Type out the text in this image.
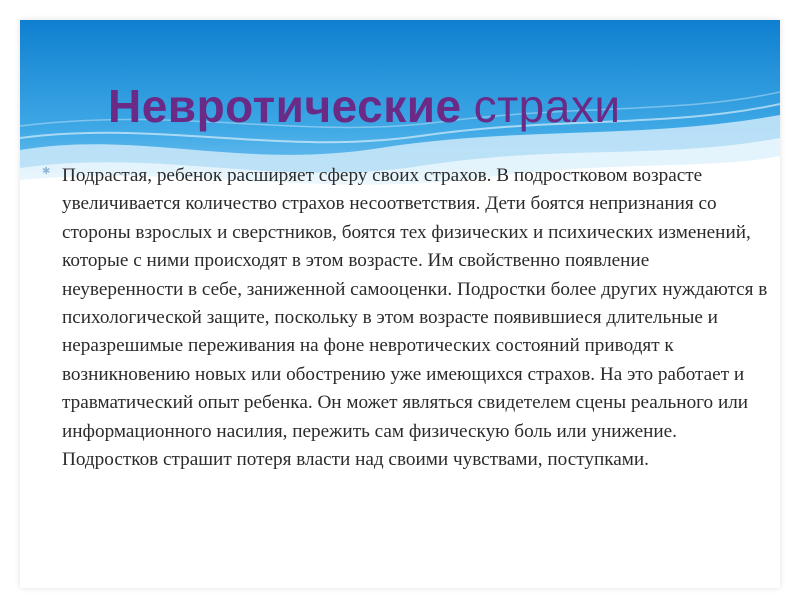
Невротические страхи
✱ Подрастая, ребенок расширяет сферу своих страхов. В подростковом возрасте увеличивается количество страхов несоответствия. Дети боятся непризнания со стороны взрослых и сверстников, боятся тех физических и психических изменений, которые с ними происходят в этом возрасте. Им свойственно появление неуверенности в себе, заниженной самооценки. Подростки более других нуждаются в психологической защите, поскольку в этом возрасте появившиеся длительные и неразрешимые переживания на фоне невротических состояний приводят к возникновению новых или обострению уже имеющихся страхов. На это работает и травматический опыт ребенка. Он может являться свидетелем сцены реального или информационного насилия, пережить сам физическую боль или унижение. Подростков страшит потеря власти над своими чувствами, поступками.
